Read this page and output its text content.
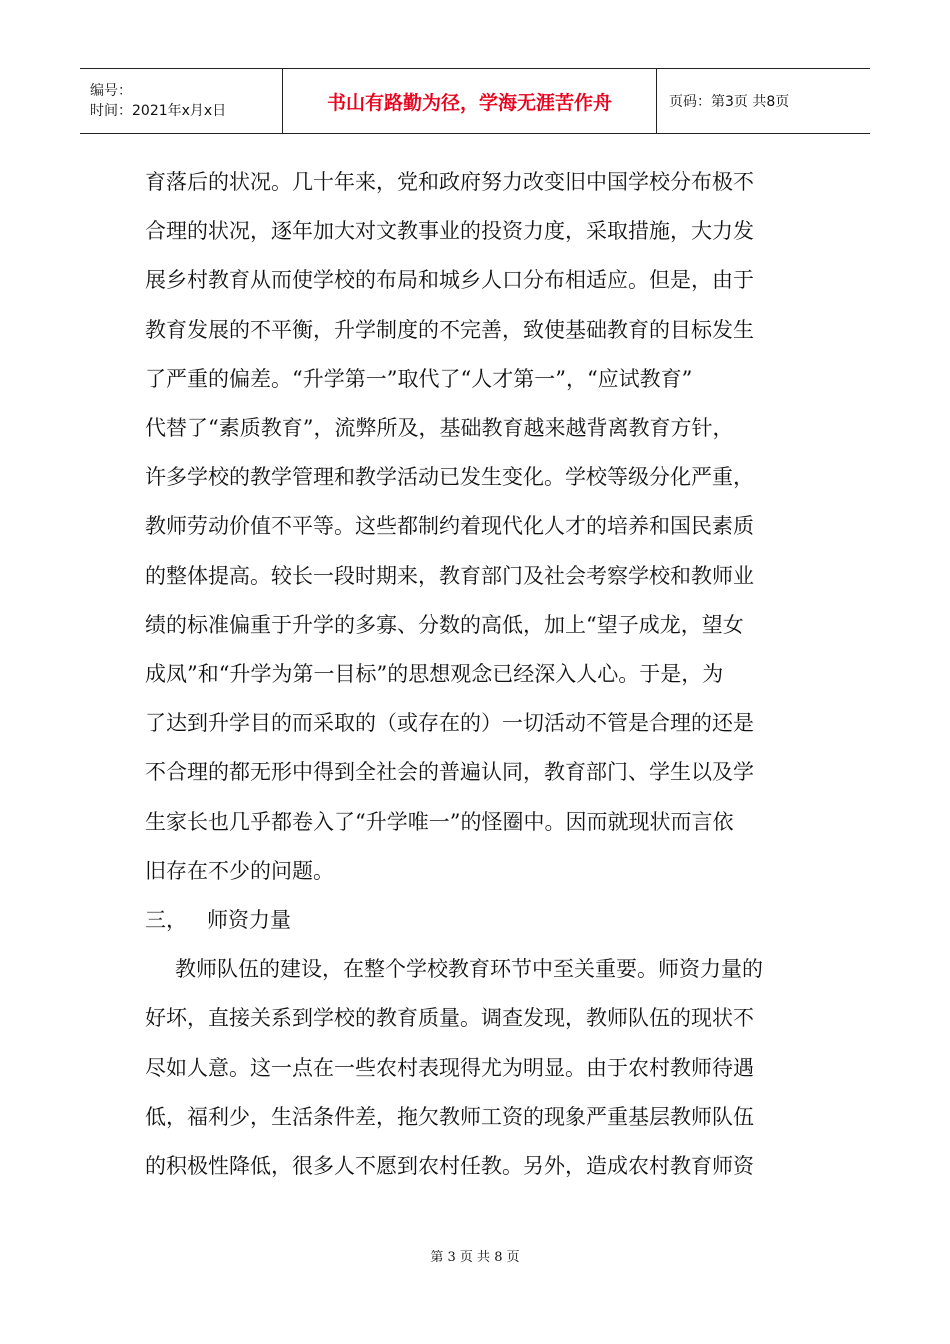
编号：
时间：2021年x月x日	书山有路勤为径，学海无涯苦作舟	页码：第3页 共8页
育落后的状况。几十年来，党和政府努力改变旧中国学校分布极不
合理的状况，逐年加大对文教事业的投资力度，采取措施，大力发
展乡村教育从而使学校的布局和城乡人口分布相适应。但是，由于
教育发展的不平衡，升学制度的不完善，致使基础教育的目标发生
了严重的偏差。“升学第一”取代了“人才第一”，“应试教育”
代替了“素质教育”，流弊所及，基础教育越来越背离教育方针，
许多学校的教学管理和教学活动已发生变化。学校等级分化严重，
教师劳动价值不平等。这些都制约着现代化人才的培养和国民素质
的整体提高。较长一段时期来，教育部门及社会考察学校和教师业
绩的标准偏重于升学的多寡、分数的高低，加上“望子成龙，望女
成凤”和“升学为第一目标”的思想观念已经深入人心。于是，为
了达到升学目的而采取的（或存在的）一切活动不管是合理的还是
不合理的都无形中得到全社会的普遍认同，教育部门、学生以及学
生家长也几乎都卷入了“升学唯一”的怪圈中。因而就现状而言依
旧存在不少的问题。
三，   师资力量
教师队伍的建设，在整个学校教育环节中至关重要。师资力量的
好坏，直接关系到学校的教育质量。调查发现，教师队伍的现状不
尽如人意。这一点在一些农村表现得尤为明显。由于农村教师待遇
低，福利少，生活条件差，拖欠教师工资的现象严重基层教师队伍
的积极性降低，很多人不愿到农村任教。另外，造成农村教育师资
第 3 页 共 8 页
